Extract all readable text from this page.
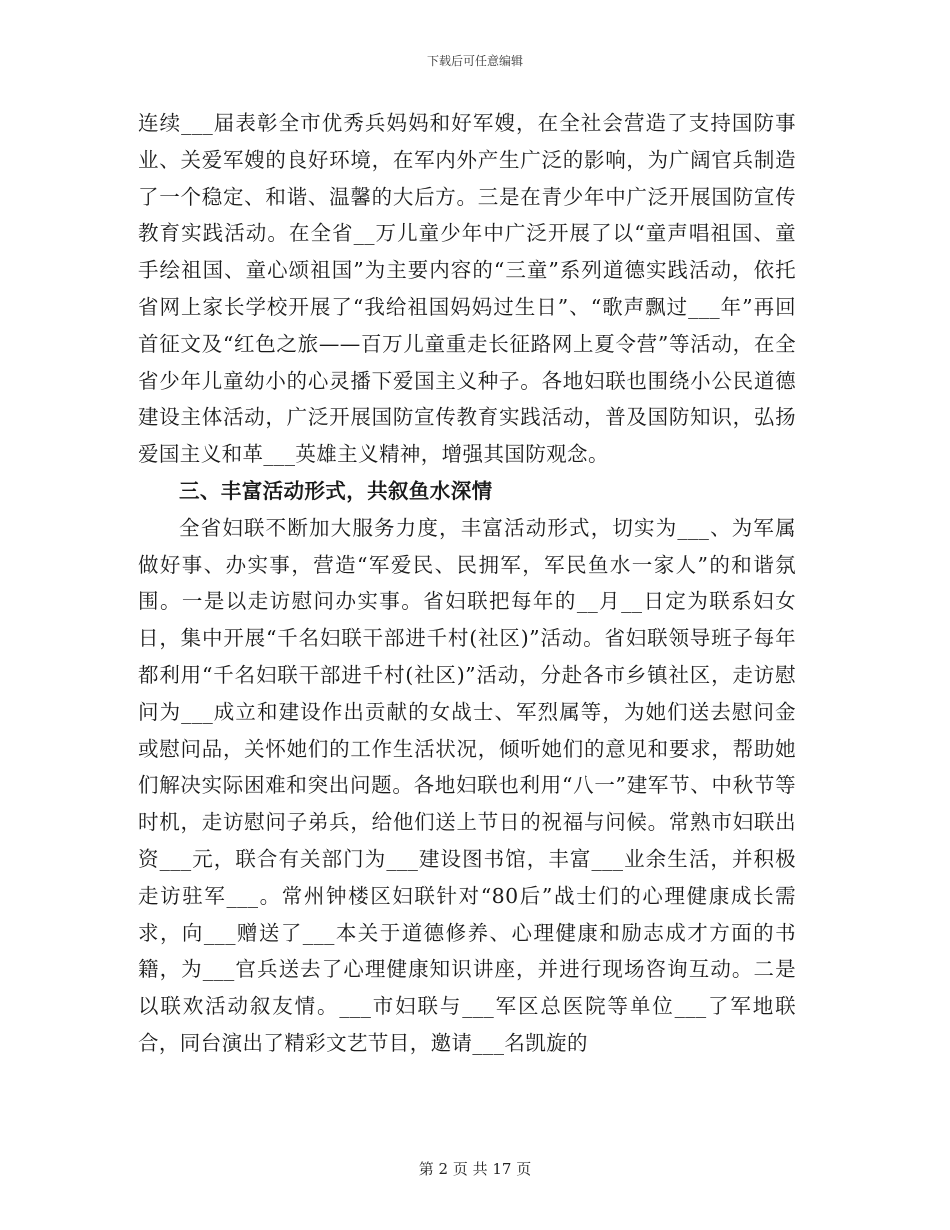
下载后可任意编辑

连续___届表彰全市优秀兵妈妈和好军嫂，在全社会营造了支持国防事业、关爱军嫂的良好环境，在军内外产生广泛的影响，为广阔官兵制造了一个稳定、和谐、温馨的大后方。三是在青少年中广泛开展国防宣传教育实践活动。在全省__万儿童少年中广泛开展了以“童声唱祖国、童手绘祖国、童心颂祖国”为主要内容的“三童”系列道德实践活动，依托省网上家长学校开展了“我给祖国妈妈过生日”、“歌声飘过___年”再回首征文及“红色之旅——百万儿童重走长征路网上夏令营”等活动，在全省少年儿童幼小的心灵播下爱国主义种子。各地妇联也围绕小公民道德建设主体活动，广泛开展国防宣传教育实践活动，普及国防知识，弘扬爱国主义和革___英雄主义精神，增强其国防观念。

三、丰富活动形式，共叙鱼水深情

全省妇联不断加大服务力度，丰富活动形式，切实为___、为军属做好事、办实事，营造“军爱民、民拥军，军民鱼水一家人”的和谐氛围。一是以走访慰问办实事。省妇联把每年的__月__日定为联系妇女日，集中开展“千名妇联干部进千村(社区)”活动。省妇联领导班子每年都利用“千名妇联干部进千村(社区)”活动，分赴各市乡镇社区，走访慰问为___成立和建设作出贡献的女战士、军烈属等，为她们送去慰问金或慰问品，关怀她们的工作生活状况，倾听她们的意见和要求，帮助她们解决实际困难和突出问题。各地妇联也利用“八一”建军节、中秋节等时机，走访慰问子弟兵，给他们送上节日的祝福与问候。常熟市妇联出资___元，联合有关部门为___建设图书馆，丰富___业余生活，并积极走访驻军___。常州钟楼区妇联针对“80后”战士们的心理健康成长需求，向___赠送了___本关于道德修养、心理健康和励志成才方面的书籍，为___官兵送去了心理健康知识讲座，并进行现场咨询互动。二是以联欢活动叙友情。___市妇联与___军区总医院等单位___了军地联合，同台演出了精彩文艺节目，邀请___名凯旋的

第 2 页 共 17 页
